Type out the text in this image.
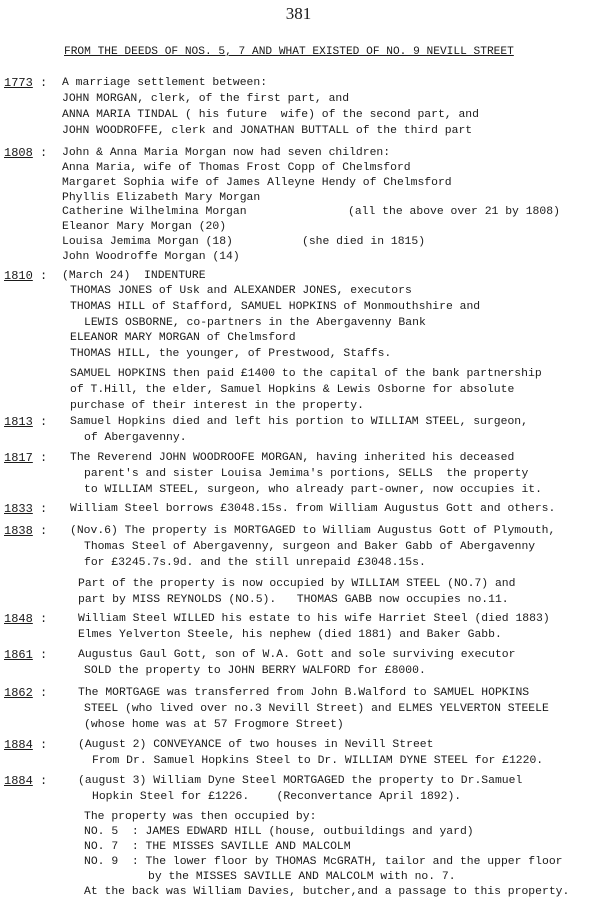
381
FROM THE DEEDS OF NOS. 5, 7 AND WHAT EXISTED OF NO. 9 NEVILL STREET
1773 : A marriage settlement between:
JOHN MORGAN, clerk, of the first part, and
ANNA MARIA TINDAL ( his future  wife) of the second part, and
JOHN WOODROFFE, clerk and JONATHAN BUTTALL of the third part
1808 : John & Anna Maria Morgan now had seven children:
Anna Maria, wife of Thomas Frost Copp of Chelmsford
Margaret Sophia wife of James Alleyne Hendy of Chelmsford
Phyllis Elizabeth Mary Morgan
Catherine Wilhelmina Morgan	(all the above over 21 by 1808)
Eleanor Mary Morgan (20)
Louisa Jemima Morgan (18)	(she died in 1815)
John Woodroffe Morgan (14)
1810 : (March 24)  INDENTURE
THOMAS JONES of Usk and ALEXANDER JONES, executors
THOMAS HILL of Stafford, SAMUEL HOPKINS of Monmouthshire and
LEWIS OSBORNE, co-partners in the Abergavenny Bank
ELEANOR MARY MORGAN of Chelmsford
THOMAS HILL, the younger, of Prestwood, Staffs.
SAMUEL HOPKINS then paid £1400 to the capital of the bank partnership
of T.Hill, the elder, Samuel Hopkins & Lewis Osborne for absolute
purchase of their interest in the property.
1813 : Samuel Hopkins died and left his portion to WILLIAM STEEL, surgeon,
of Abergavenny.
1817 : The Reverend JOHN WOODROOFE MORGAN, having inherited his deceased
parent's and sister Louisa Jemima's portions, SELLS  the property
to WILLIAM STEEL, surgeon, who already part-owner, now occupies it.
1833 : William Steel borrows £3048.15s. from William Augustus Gott and others.
1838 : (Nov.6) The property is MORTGAGED to William Augustus Gott of Plymouth,
Thomas Steel of Abergavenny, surgeon and Baker Gabb of Abergavenny
for £3245.7s.9d. and the still unrepaid £3048.15s.
Part of the property is now occupied by WILLIAM STEEL (NO.7) and
part by MISS REYNOLDS (NO.5).   THOMAS GABB now occupies no.11.
1848 :	William Steel WILLED his estate to his wife Harriet Steel (died 1883)
Elmes Yelverton Steele, his nephew (died 1881) and Baker Gabb.
1861 :	Augustus Gaul Gott, son of W.A. Gott and sole surviving executor
SOLD the property to JOHN BERRY WALFORD for £8000.
1862 :	The MORTGAGE was transferred from John B.Walford to SAMUEL HOPKINS
STEEL (who lived over no.3 Nevill Street) and ELMES YELVERTON STEELE
(whose home was at 57 Frogmore Street)
1884 :	(August 2) CONVEYANCE of two houses in Nevill Street
From Dr. Samuel Hopkins Steel to Dr. WILLIAM DYNE STEEL for £1220.
1884 :	(august 3) William Dyne Steel MORTGAGED the property to Dr.Samuel
Hopkin Steel for £1226.    (Reconvertance April 1892).
The property was then occupied by:
NO. 5  : JAMES EDWARD HILL (house, outbuildings and yard)
NO. 7  : THE MISSES SAVILLE AND MALCOLM
NO. 9  : The lower floor by THOMAS McGRATH, tailor and the upper floor
by the MISSES SAVILLE AND MALCOLM with no. 7.
At the back was William Davies, butcher,and a passage to this property.
